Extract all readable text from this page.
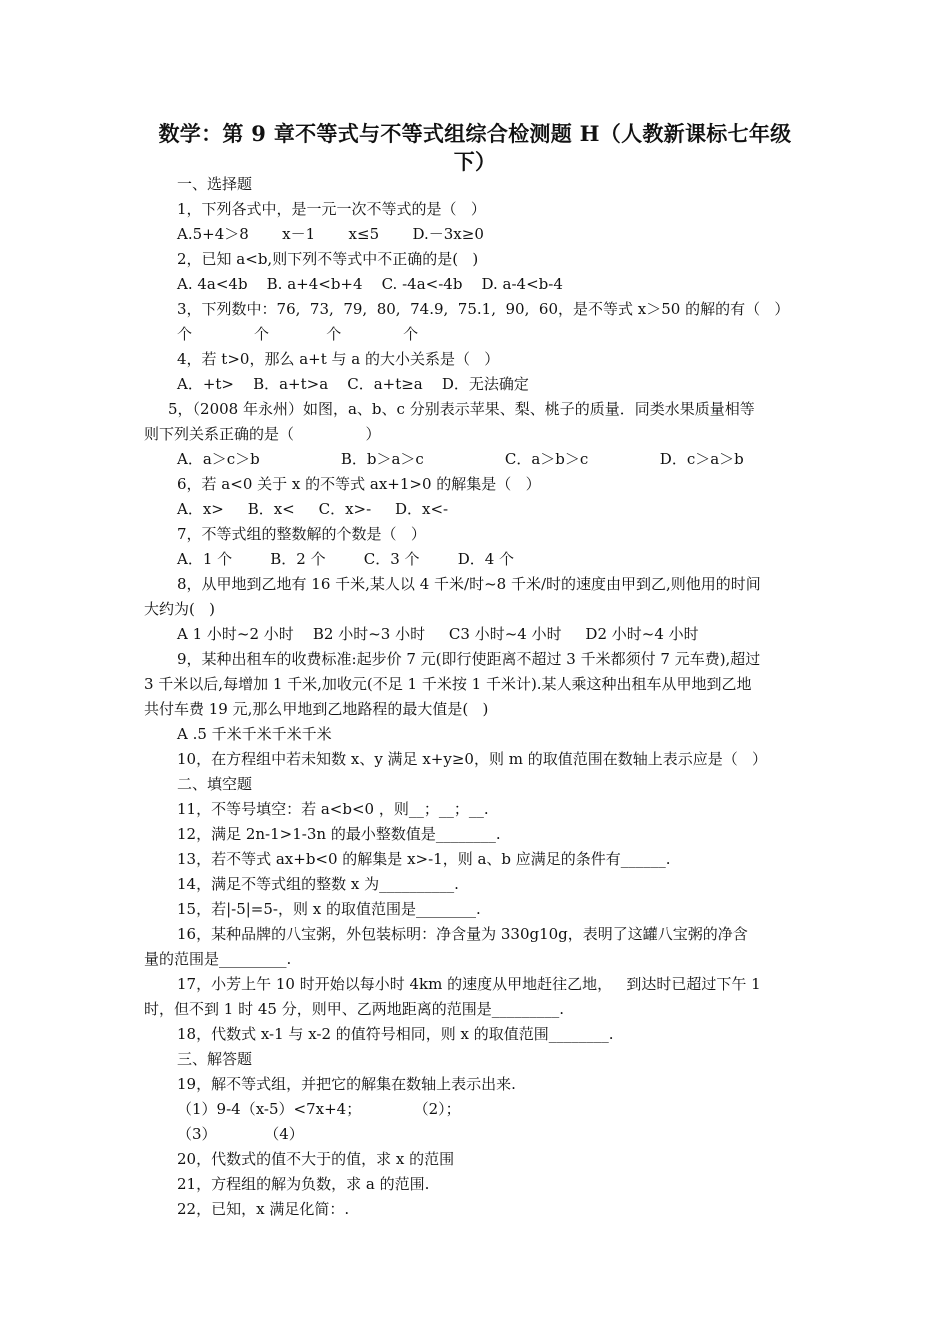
数学：第 9 章不等式与不等式组综合检测题 H（人教新课标七年级
下）
一、选择题
1，下列各式中，是一元一次不等式的是（   ）
A.5+4＞8       x－1       x≤5       D.－3x≥0
2，已知 a<b,则下列不等式中不正确的是(   )
A. 4a<4b    B. a+4<b+4    C. -4a<-4b    D. a-4<b-4
3，下列数中：76,  73,  79,  80,  74.9,  75.1,  90,  60，是不等式 x＞50 的解的有（   ）
个             个            个             个
4，若 t>0，那么 a+t 与 a 的大小关系是（   ）
A．+t>    B．a+t>a    C．a+t≥a    D．无法确定
5，（2008 年永州）如图，a、b、c 分别表示苹果、梨、桃子的质量．同类水果质量相等
则下列关系正确的是（               ）
A．a＞c＞b                 B．b＞a＞c                 C．a＞b＞c               D．c＞a＞b
6，若 a<0 关于 x 的不等式 ax+1>0 的解集是（   ）
A．x>     B．x<     C．x>-     D．x<-
7，不等式组的整数解的个数是（   ）
A．1 个        B．2 个        C．3 个        D．4 个
8，从甲地到乙地有 16 千米,某人以 4 千米/时~8 千米/时的速度由甲到乙,则他用的时间
大约为(   )
A 1 小时~2 小时    B2 小时~3 小时     C3 小时~4 小时     D2 小时~4 小时
9，某种出租车的收费标准:起步价 7 元(即行使距离不超过 3 千米都须付 7 元车费),超过
3 千米以后,每增加 1 千米,加收元(不足 1 千米按 1 千米计).某人乘这种出租车从甲地到乙地
共付车费 19 元,那么甲地到乙地路程的最大值是(   )
A .5 千米千米千米千米
10，在方程组中若未知数 x、y 满足 x+y≥0，则 m 的取值范围在数轴上表示应是（   ）
二、填空题
11，不等号填空：若 a<b<0 ，则__；__；__.
12，满足 2n-1>1-3n 的最小整数值是________.
13，若不等式 ax+b<0 的解集是 x>-1，则 a、b 应满足的条件有______.
14，满足不等式组的整数 x 为__________.
15，若|-5|=5-，则 x 的取值范围是________.
16，某种品牌的八宝粥，外包装标明：净含量为 330g10g，表明了这罐八宝粥的净含
量的范围是_________.
17，小芳上午 10 时开始以每小时 4km 的速度从甲地赶往乙地，   到达时已超过下午 1
时，但不到 1 时 45 分，则甲、乙两地距离的范围是_________.
18，代数式 x-1 与 x-2 的值符号相同，则 x 的取值范围________.
三、解答题
19，解不等式组，并把它的解集在数轴上表示出来.
（1）9-4（x-5）<7x+4；           （2）；
（3）          （4）
20，代数式的值不大于的值，求 x 的范围
21，方程组的解为负数，求 a 的范围.
22，已知，x 满足化简：.
